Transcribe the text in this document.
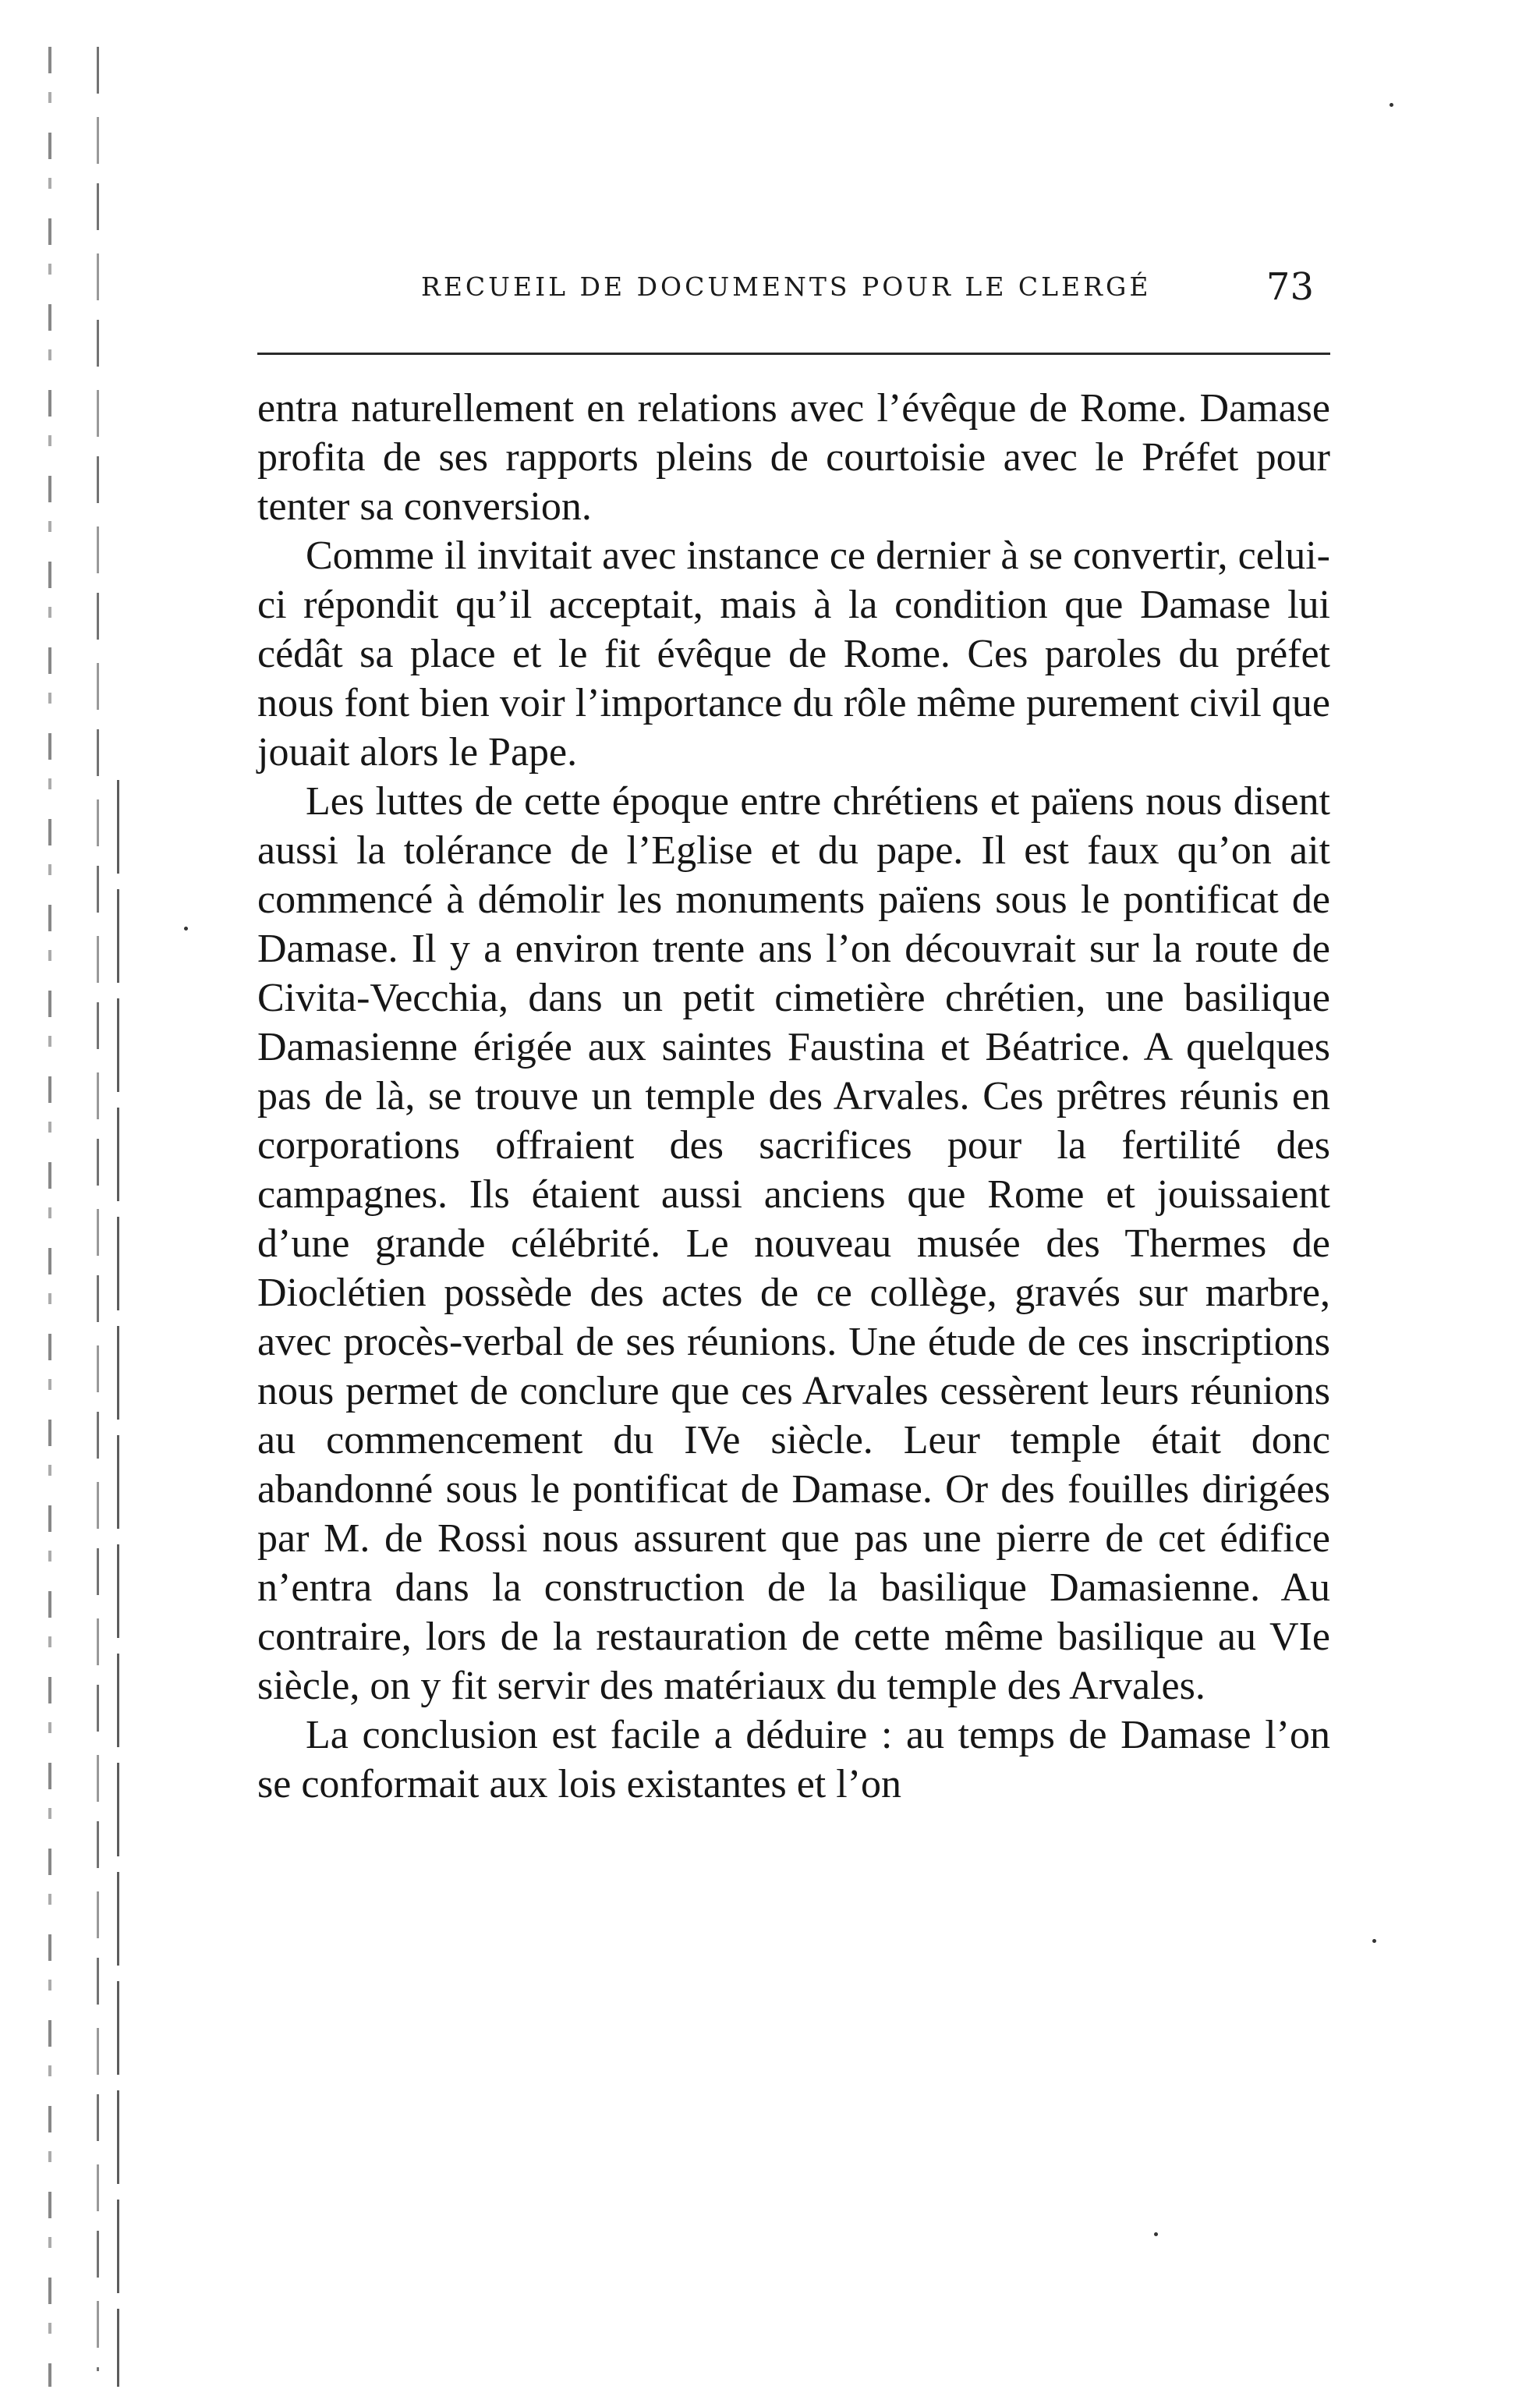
RECUEIL DE DOCUMENTS POUR LE CLERGÉ	73

entra naturellement en relations avec l’évêque de Rome. Damase profita de ses rapports pleins de courtoisie avec le Préfet pour tenter sa conversion.

Comme il invitait avec instance ce dernier à se convertir, celui-ci répondit qu’il acceptait, mais à la condition que Damase lui cédât sa place et le fit évêque de Rome. Ces paroles du préfet nous font bien voir l’importance du rôle même purement civil que jouait alors le Pape.

Les luttes de cette époque entre chrétiens et païens nous disent aussi la tolérance de l’Eglise et du pape. Il est faux qu’on ait commencé à démolir les monuments païens sous le pontificat de Damase. Il y a environ trente ans l’on découvrait sur la route de Civita-Vecchia, dans un petit cimetière chrétien, une basilique Damasienne érigée aux saintes Faustina et Béatrice. A quelques pas de là, se trouve un temple des Arvales. Ces prêtres réunis en corporations offraient des sacrifices pour la fertilité des campagnes. Ils étaient aussi anciens que Rome et jouissaient d’une grande célébrité. Le nouveau musée des Thermes de Dioclétien possède des actes de ce collège, gravés sur marbre, avec procès-verbal de ses réunions. Une étude de ces inscriptions nous permet de conclure que ces Arvales cessèrent leurs réunions au commencement du IVe siècle. Leur temple était donc abandonné sous le pontificat de Damase. Or des fouilles dirigées par M. de Rossi nous assurent que pas une pierre de cet édifice n’entra dans la construction de la basilique Damasienne. Au contraire, lors de la restauration de cette même basilique au VIe siècle, on y fit servir des matériaux du temple des Arvales.

La conclusion est facile a déduire : au temps de Damase l’on se conformait aux lois existantes et l’on
